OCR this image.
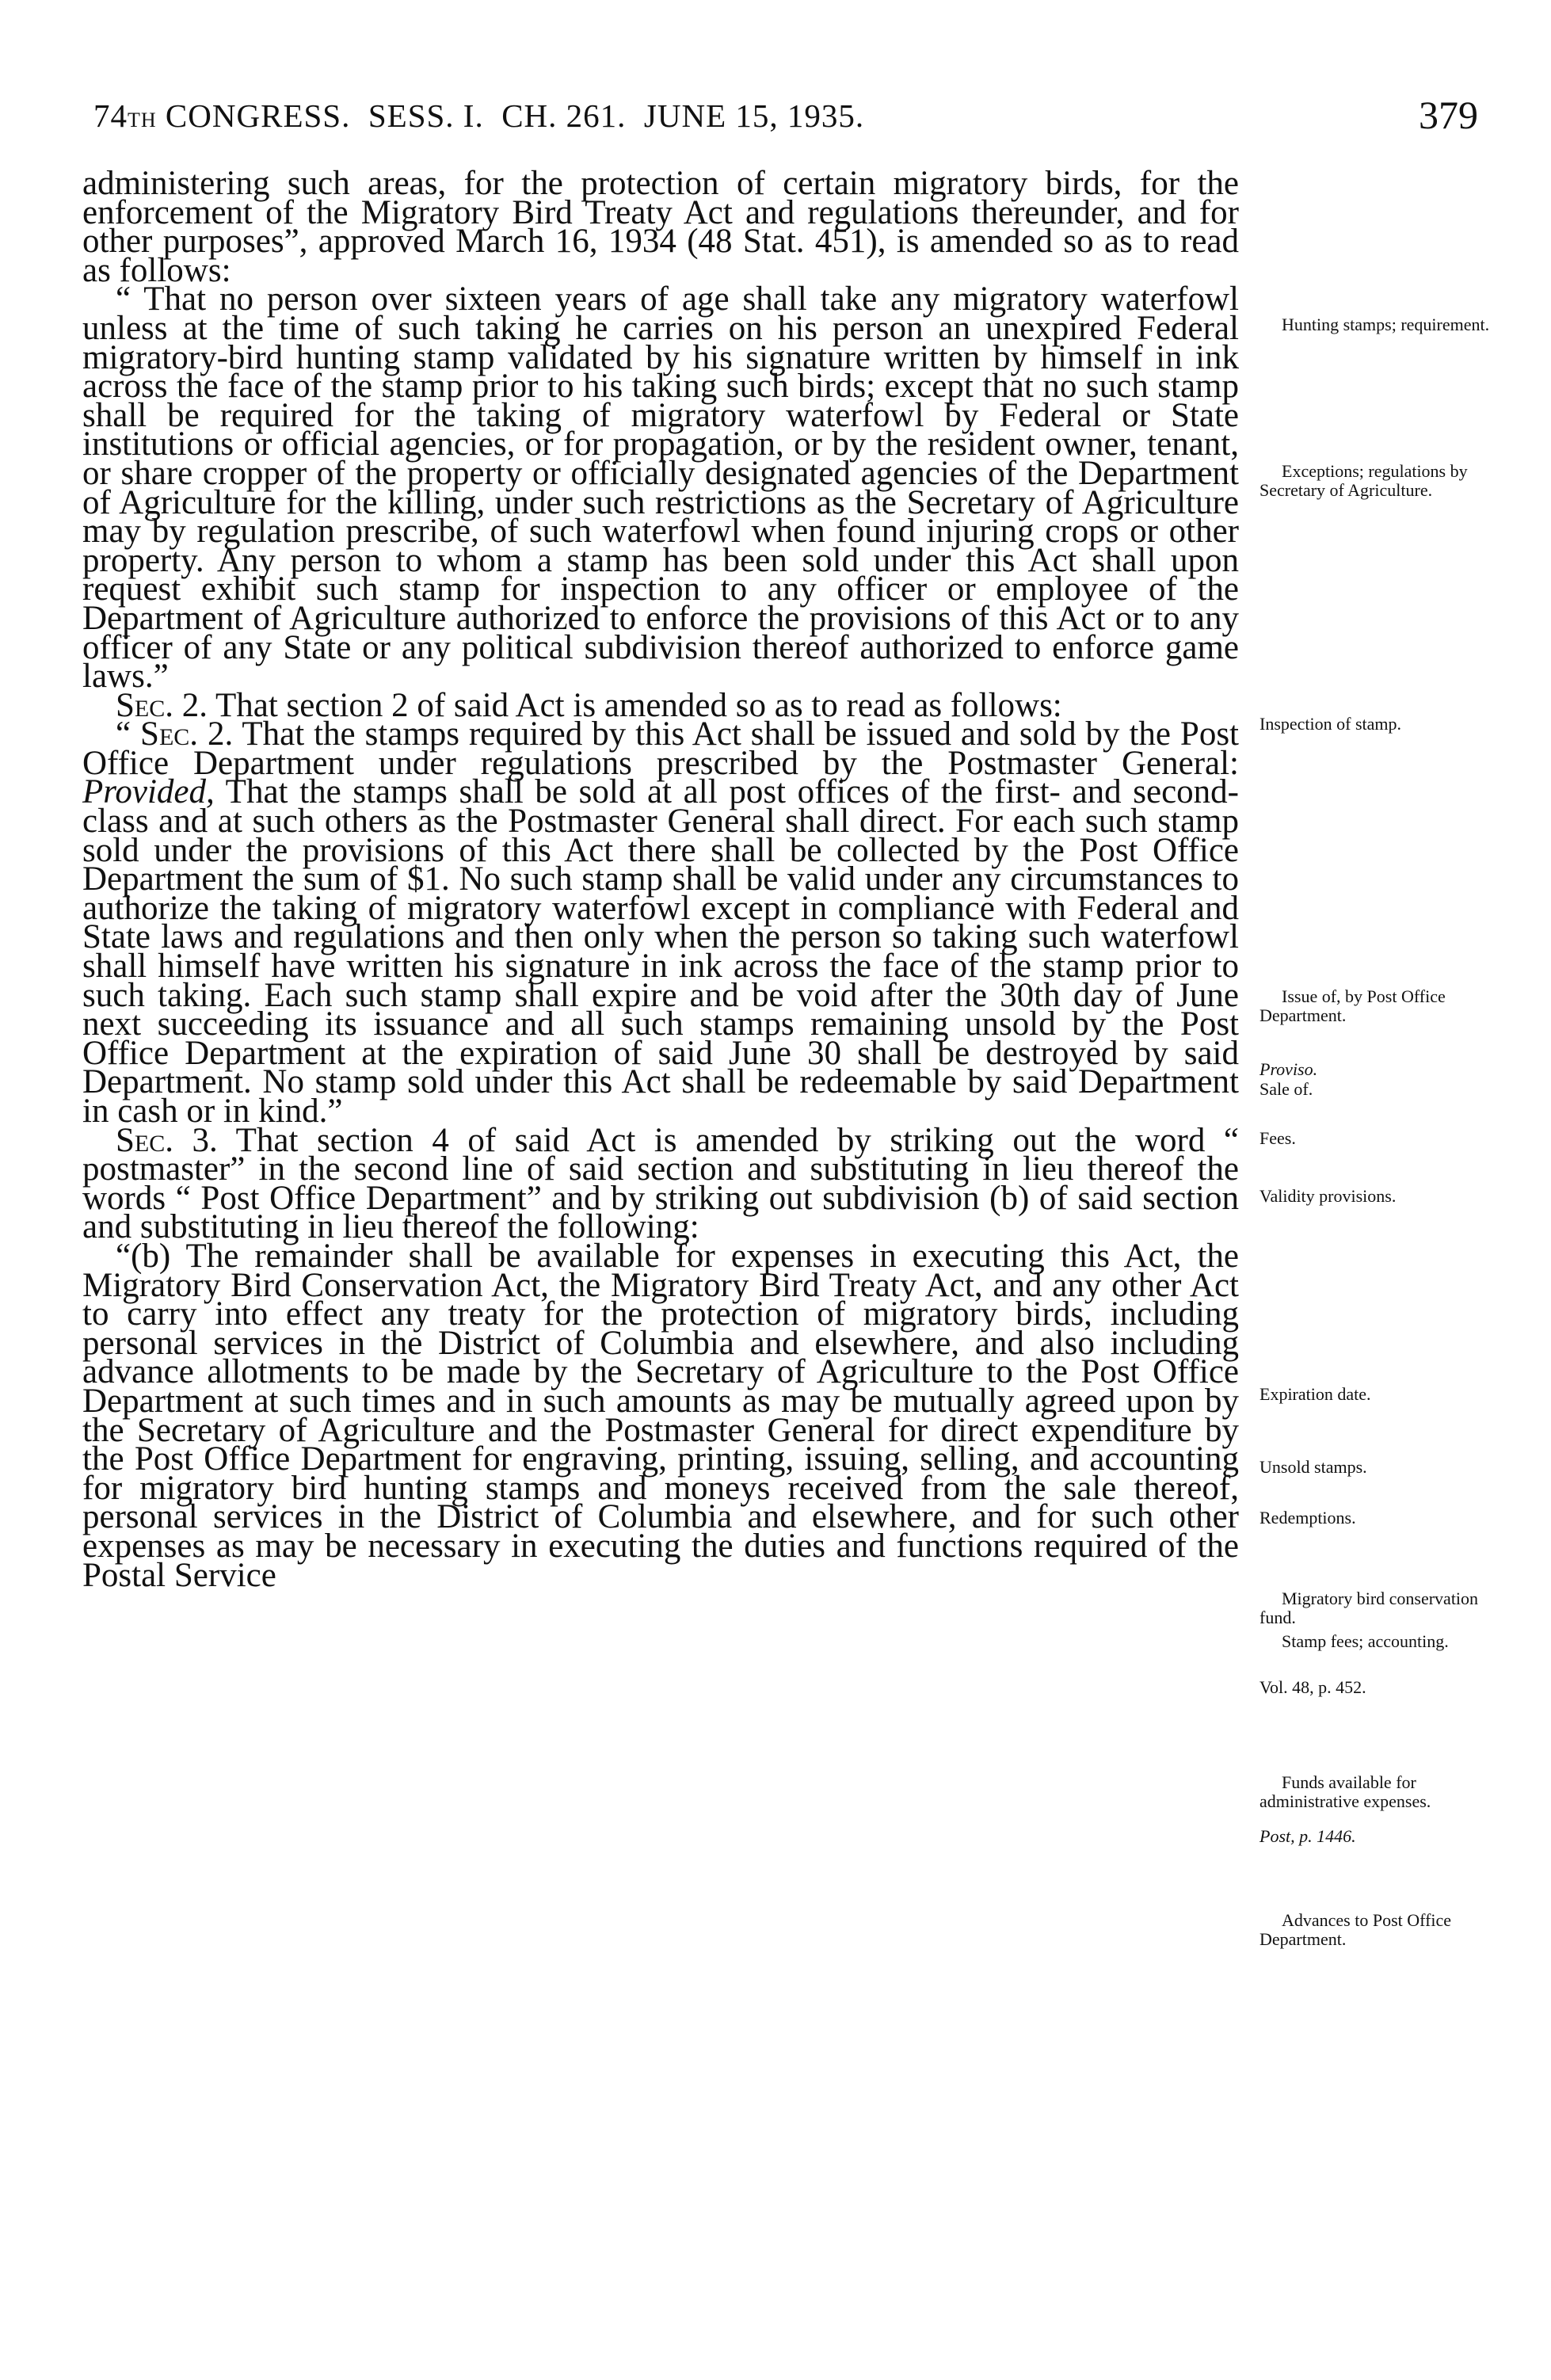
74TH CONGRESS.  SESS. I.  CH. 261.  JUNE 15, 1935.	379

administering such areas, for the protection of certain migratory birds, for the enforcement of the Migratory Bird Treaty Act and regulations thereunder, and for other purposes”, approved March 16, 1934 (48 Stat. 451), is amended so as to read as follows:

“ That no person over sixteen years of age shall take any migratory waterfowl unless at the time of such taking he carries on his person an unexpired Federal migratory-bird hunting stamp validated by his signature written by himself in ink across the face of the stamp prior to his taking such birds; except that no such stamp shall be required for the taking of migratory waterfowl by Federal or State institutions or official agencies, or for propagation, or by the resident owner, tenant, or share cropper of the property or officially designated agencies of the Department of Agriculture for the killing, under such restrictions as the Secretary of Agriculture may by regulation prescribe, of such waterfowl when found injuring crops or other property. Any person to whom a stamp has been sold under this Act shall upon request exhibit such stamp for inspection to any officer or employee of the Department of Agriculture authorized to enforce the provisions of this Act or to any officer of any State or any political subdivision thereof authorized to enforce game laws.”

Sec. 2. That section 2 of said Act is amended so as to read as follows:

“ Sec. 2. That the stamps required by this Act shall be issued and sold by the Post Office Department under regulations prescribed by the Postmaster General: Provided, That the stamps shall be sold at all post offices of the first- and second-class and at such others as the Postmaster General shall direct. For each such stamp sold under the provisions of this Act there shall be collected by the Post Office Department the sum of $1. No such stamp shall be valid under any circumstances to authorize the taking of migratory waterfowl except in compliance with Federal and State laws and regulations and then only when the person so taking such waterfowl shall himself have written his signature in ink across the face of the stamp prior to such taking. Each such stamp shall expire and be void after the 30th day of June next succeeding its issuance and all such stamps remaining unsold by the Post Office Department at the expiration of said June 30 shall be destroyed by said Department. No stamp sold under this Act shall be redeemable by said Department in cash or in kind.”

Sec. 3. That section 4 of said Act is amended by striking out the word “ postmaster” in the second line of said section and substituting in lieu thereof the words “ Post Office Department” and by striking out subdivision (b) of said section and substituting in lieu thereof the following:

“(b) The remainder shall be available for expenses in executing this Act, the Migratory Bird Conservation Act, the Migratory Bird Treaty Act, and any other Act to carry into effect any treaty for the protection of migratory birds, including personal services in the District of Columbia and elsewhere, and also including advance allotments to be made by the Secretary of Agriculture to the Post Office Department at such times and in such amounts as may be mutually agreed upon by the Secretary of Agriculture and the Postmaster General for direct expenditure by the Post Office Department for engraving, printing, issuing, selling, and accounting for migratory bird hunting stamps and moneys received from the sale thereof, personal services in the District of Columbia and elsewhere, and for such other expenses as may be necessary in executing the duties and functions required of the Postal Service

Hunting stamps; requirement.
Exceptions; regulations by Secretary of Agriculture.
Inspection of stamp.
Issue of, by Post Office Department.
Proviso.
Sale of.
Fees.
Validity provisions.
Expiration date.
Unsold stamps.
Redemptions.
Migratory bird conservation fund.
Stamp fees; accounting.
Vol. 48, p. 452.
Funds available for administrative expenses.
Post, p. 1446.
Advances to Post Office Department.
